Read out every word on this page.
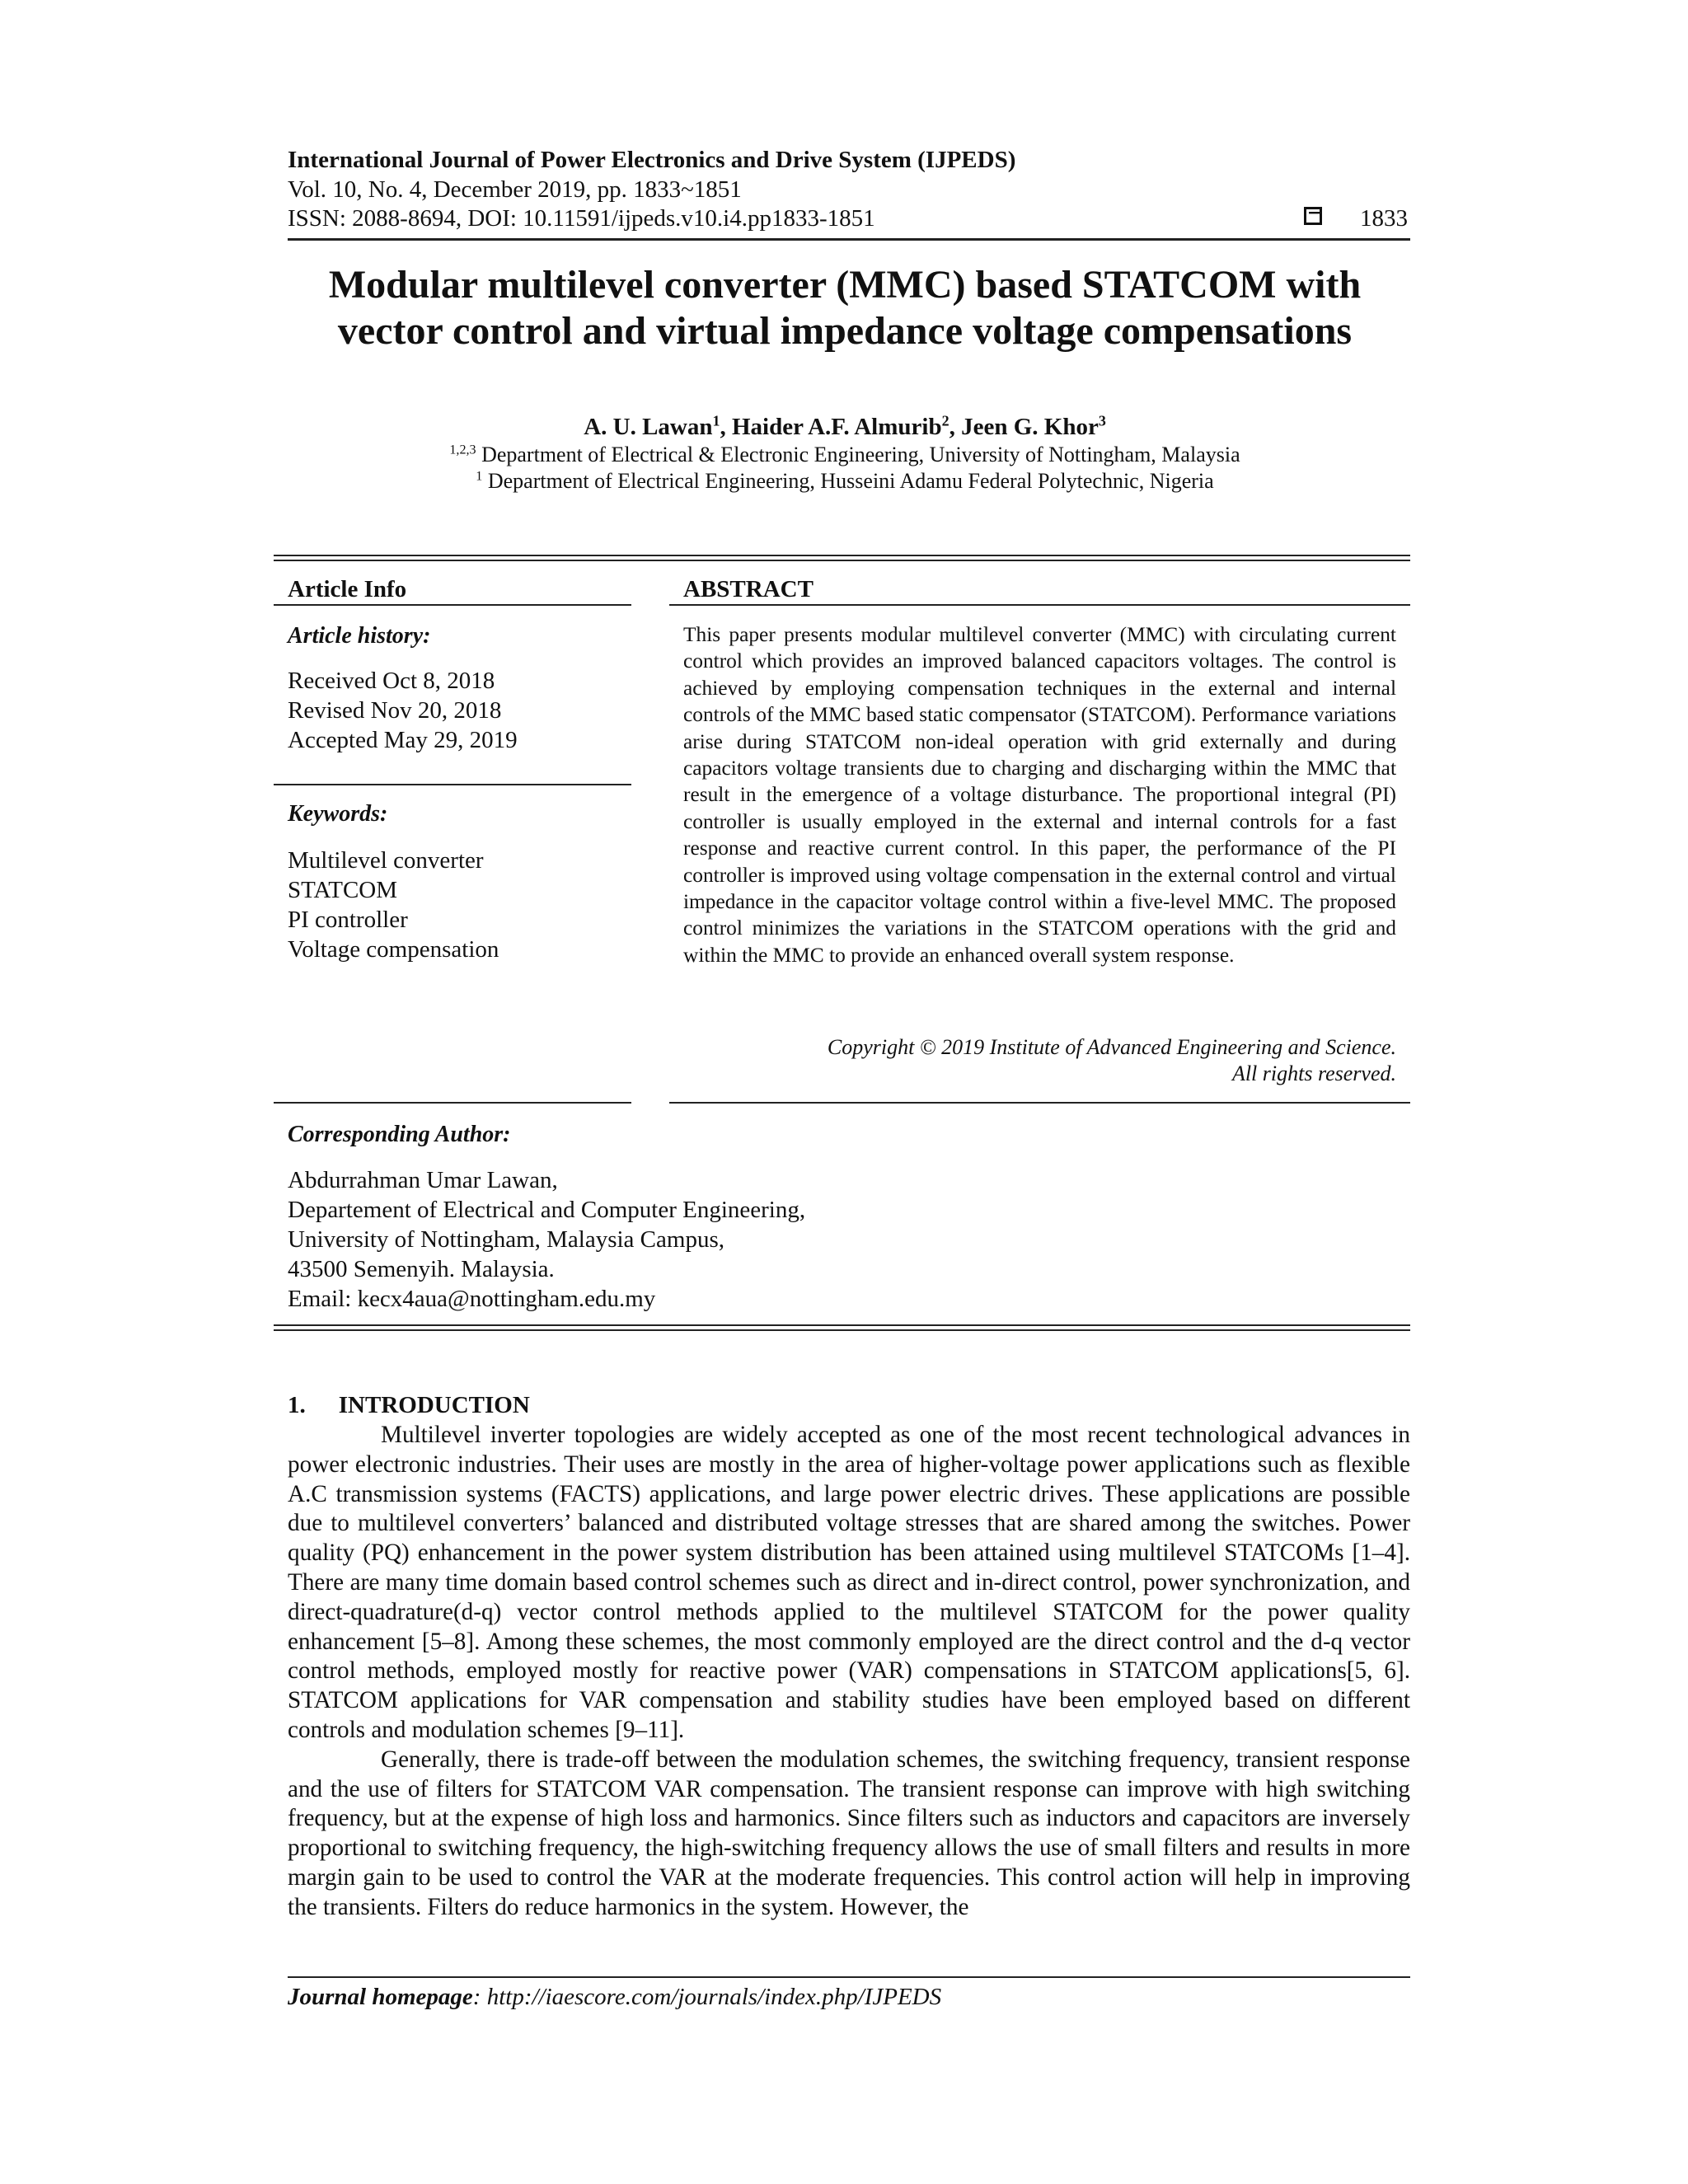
International Journal of Power Electronics and Drive System (IJPEDS)
Vol. 10, No. 4, December 2019, pp. 1833~1851
ISSN: 2088-8694, DOI: 10.11591/ijpeds.v10.i4.pp1833-1851	1833
Modular multilevel converter (MMC) based STATCOM with
vector control and virtual impedance voltage compensations
A. U. Lawan$^1$, Haider A.F. Almurib$^2$, Jeen G. Khor$^3$
$^{1,2,3}$ Department of Electrical & Electronic Engineering, University of Nottingham, Malaysia
$^1$ Department of Electrical Engineering, Husseini Adamu Federal Polytechnic, Nigeria
Article Info
Article history:
Received Oct 8, 2018
Revised Nov 20, 2018
Accepted May 29, 2019
Keywords:
Multilevel converter
STATCOM
PI controller
Voltage compensation
ABSTRACT
This paper presents modular multilevel converter (MMC) with circulating current control which provides an improved balanced capacitors voltages. The control is achieved by employing compensation techniques in the external and internal controls of the MMC based static compensator (STATCOM). Performance variations arise during STATCOM non-ideal operation with grid externally and during capacitors voltage transients due to charging and discharging within the MMC that result in the emergence of a voltage disturbance. The proportional integral (PI) controller is usually employed in the external and internal controls for a fast response and reactive current control. In this paper, the performance of the PI controller is improved using voltage compensation in the external control and virtual impedance in the capacitor voltage control within a five-level MMC. The proposed control minimizes the variations in the STATCOM operations with the grid and within the MMC to provide an enhanced overall system response.
Copyright © 2019 Institute of Advanced Engineering and Science.
All rights reserved.
Corresponding Author:
Abdurrahman Umar Lawan,
Departement of Electrical and Computer Engineering,
University of Nottingham, Malaysia Campus,
43500 Semenyih. Malaysia.
Email: kecx4aua@nottingham.edu.my
1. INTRODUCTION

Multilevel inverter topologies are widely accepted as one of the most recent technological advances in power electronic industries. Their uses are mostly in the area of higher-voltage power applications such as flexible A.C transmission systems (FACTS) applications, and large power electric drives. These applications are possible due to multilevel converters’ balanced and distributed voltage stresses that are shared among the switches. Power quality (PQ) enhancement in the power system distribution has been attained using multilevel STATCOMs [1–4]. There are many time domain based control schemes such as direct and in-direct control, power synchronization, and direct-quadrature(d-q) vector control methods applied to the multilevel STATCOM for the power quality enhancement [5–8]. Among these schemes, the most commonly employed are the direct control and the d-q vector control methods, employed mostly for reactive power (VAR) compensations in STATCOM applications[5, 6]. STATCOM applications for VAR compensation and stability studies have been employed based on different controls and modulation schemes [9–11].

Generally, there is trade-off between the modulation schemes, the switching frequency, transient response and the use of filters for STATCOM VAR compensation. The transient response can improve with high switching frequency, but at the expense of high loss and harmonics. Since filters such as inductors and capacitors are inversely proportional to switching frequency, the high-switching frequency allows the use of small filters and results in more margin gain to be used to control the VAR at the moderate frequencies. This control action will help in improving the transients. Filters do reduce harmonics in the system. However, the

Journal homepage: http://iaescore.com/journals/index.php/IJPEDS
